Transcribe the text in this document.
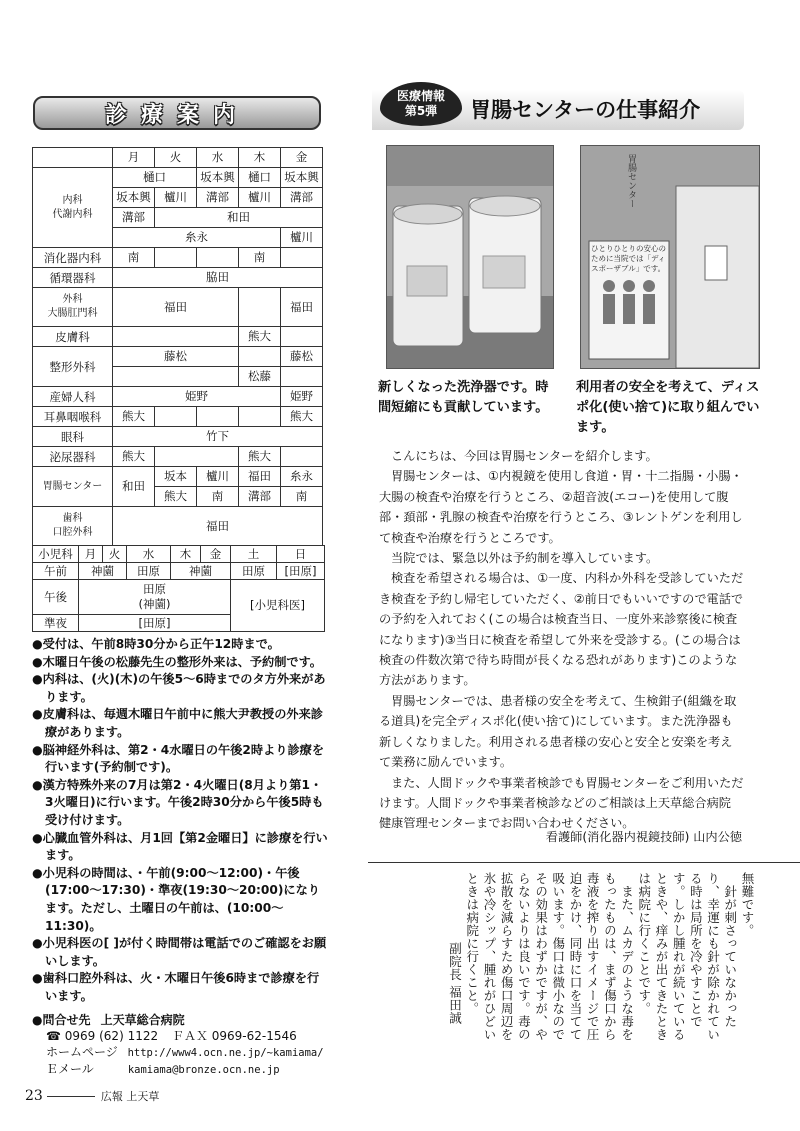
診療案内
	月	火	水	木	金

内科
代謝内科	樋口		坂本興	樋口	坂本興
	坂本興	櫨川	溝部	櫨川	溝部
	溝部	和田			
	糸永				櫨川

消化器内科	南			南	

循環器科	脇田				

外科
大腸肛門科	福田				福田

皮膚科				熊大	

整形外科	藤松				藤松
				松藤	

産婦人科	姫野				姫野

耳鼻咽喉科	熊大				熊大

眼科	竹下				

泌尿器科	熊大			熊大	

胃腸センター	和田	坂本	櫨川	福田	糸永
		熊大	南	溝部	南

歯科
口腔外科	福田				
小児科	月	火	水	木	金	土	日
午前	神薗		田原	神薗		田原	[田原]
午後	田原
(神薗)					[小児科医]	
準夜	[田原]						

●受付は、午前8時30分から正午12時まで。

●木曜日午後の松藤先生の整形外来は、予約制です。

●内科は、(火)(木)の午後5～6時までのタ方外来があります。

●皮膚科は、毎週木曜日午前中に熊大尹教授の外来診療があります。

●脳神経外科は、第2・4水曜日の午後2時より診療を行います(予約制です)。

●漢方特殊外来の7月は第2・4火曜日(8月より第1・3火曜日)に行います。午後2時30分から午後5時も受け付けます。

●心臓血管外科は、月1回【第2金曜日】に診療を行います。

●小児科の時間は、・午前(9:00～12:00)・午後(17:00～17:30)・準夜(19:30～20:00)になります。ただし、土曜日の午前は、(10:00～11:30)。

●小児科医の[ ]が付く時間帯は電話でのご確認をお願いします。

●歯科口腔外科は、火・木曜日午後6時まで診療を行います。

●問合せ先 上天草総合病院
☎ 0969 (62) 1122 ＦＡＸ 0969-62-1546
ホームページ http://www4.ocn.ne.jp/~kamiama/
Ｅメール	kamiama@bronze.ocn.ne.jp
23	広報 上天草
医療情報
第5弾	胃腸センターの仕事紹介
新しくなった洗浄器です。時間短縮にも貢献しています。
胃腸センター
ひとりひとりの安心のために当院では「ディスポーザブル」です。
利用者の安全を考えて、ディスポ化(使い捨て)に取り組んでいます。

こんにちは、今回は胃腸センターを紹介します。

胃腸センターは、①内視鏡を使用し食道・胃・十二指腸・小腸・大腸の検査や治療を行うところ、②超音波(エコー)を使用して腹部・頚部・乳腺の検査や治療を行うところ、③レントゲンを利用して検査や治療を行うところです。

当院では、緊急以外は予約制を導入しています。

検査を希望される場合は、①一度、内科か外科を受診していただき検査を予約し帰宅していただく、②前日でもいいですので電話での予約を入れておく(この場合は検査当日、一度外来診察後に検査になります)③当日に検査を希望して外来を受診する。(この場合は検査の件数次第で待ち時間が長くなる恐れがあります)このような方法があります。

胃腸センターでは、患者様の安全を考えて、生検鉗子(組織を取る道具)を完全ディスポ化(使い捨て)にしています。また洗浄器も新しくなりました。利用される患者様の安心と安全と安楽を考えて業務に励んでいます。

また、人間ドックや事業者検診でも胃腸センターをご利用いただけます。人間ドックや事業者検診などのご相談は上天草総合病院 健康管理センターまでお問い合わせください。

看護師(消化器内視鏡技師) 山内公徳

無難です。

針が刺さっていなかったり、幸運にも針が除かれている時は局所を冷やすことです。しかし腫れが続いているときや、痒みが出てきたときは病院に行くことです。

また、ムカデのような毒をもったものは、まず傷口から毒液を搾り出すイメージで圧迫をかけ、同時に口を当てて吸います。傷口は微小なのでその効果はわずかですが、やらないよりは良いです。毒の拡散を減らすため傷口周辺を氷や冷シップ、腫れがひどいときは病院に行くこと。

副院長 福田誠
